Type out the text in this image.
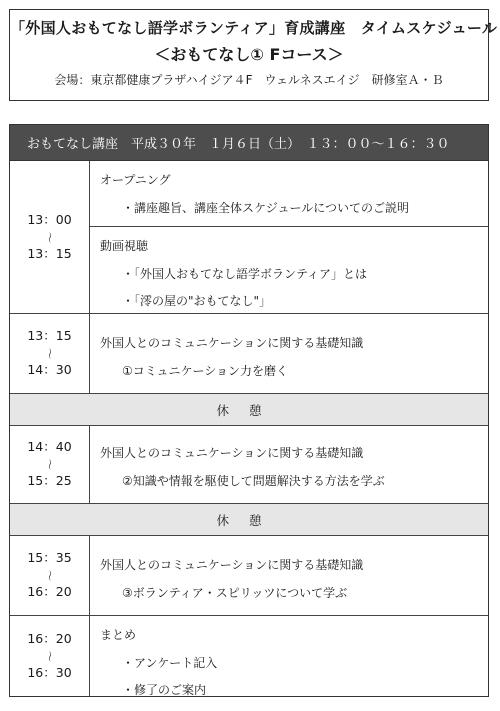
「外国人おもてなし語学ボランティア」育成講座　タイムスケジュール
＜おもてなし① Fコース＞
会場：東京都健康プラザハイジア４F　ウェルネスエイジ　研修室Ａ・Ｂ
おもてなし講座　平成３０年　１月６日（土）　１３：００～１６：３０
13：00
～
13：15
オープニング
・講座趣旨、講座全体スケジュールについてのご説明
動画視聴
・「外国人おもてなし語学ボランティア」とは
・「澪の屋の"おもてなし"」
13：15
～
14：30
外国人とのコミュニケーションに関する基礎知識
①コミュニケーション力を磨く
休憩
14：40
～
15：25
外国人とのコミュニケーションに関する基礎知識
②知識や情報を駆使して問題解決する方法を学ぶ
休憩
15：35
～
16：20
外国人とのコミュニケーションに関する基礎知識
③ボランティア・スピリッツについて学ぶ
16：20
～
16：30
まとめ
・アンケート記入
・修了のご案内
